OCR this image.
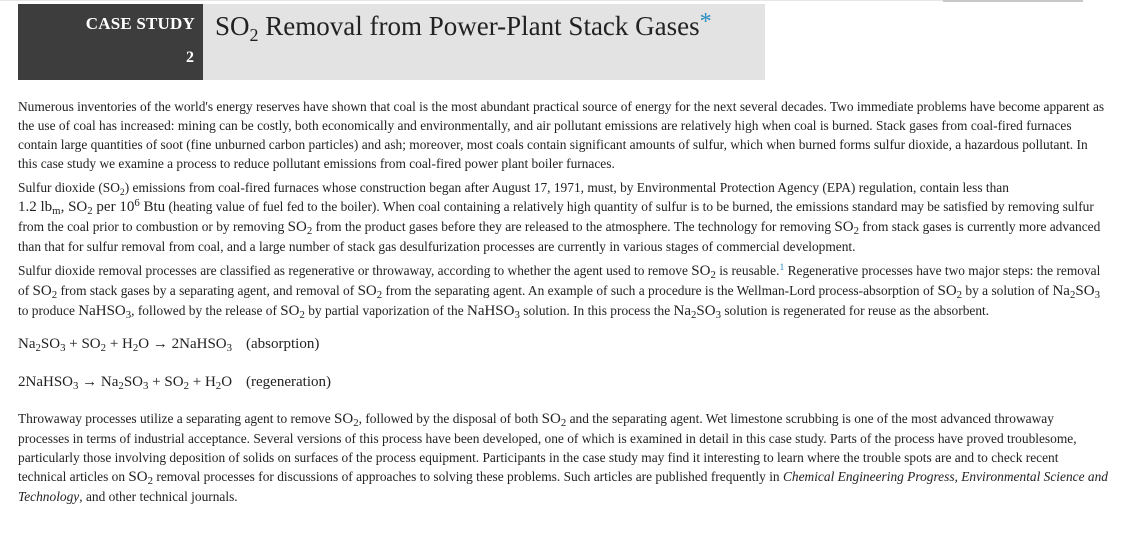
CASE STUDY
2
$SO_2$ Removal from Power-Plant Stack Gases*

Numerous inventories of the world's energy reserves have shown that coal is the most abundant practical source of energy for the next several decades. Two immediate problems have become apparent as the use of coal has increased: mining can be costly, both economically and environmentally, and air pollutant emissions are relatively high when coal is burned. Stack gases from coal-fired furnaces contain large quantities of soot (fine unburned carbon particles) and ash; moreover, most coals contain significant amounts of sulfur, which when burned forms sulfur dioxide, a hazardous pollutant. In this case study we examine a process to reduce pollutant emissions from coal-fired power plant boiler furnaces.

Sulfur dioxide $(SO_2)$ emissions from coal-fired furnaces whose construction began after August 17, 1971, must, by Environmental Protection Agency (EPA) regulation, contain less than
1.2 $lb_m$, $SO_2$ per $10^6$ Btu (heating value of fuel fed to the boiler). When coal containing a relatively high quantity of sulfur is to be burned, the emissions standard may be satisfied by removing sulfur from the coal prior to combustion or by removing $SO_2$ from the product gases before they are released to the atmosphere. The technology for removing $SO_2$ from stack gases is currently more advanced than that for sulfur removal from coal, and a large number of stack gas desulfurization processes are currently in various stages of commercial development.

Sulfur dioxide removal processes are classified as regenerative or throwaway, according to whether the agent used to remove $SO_2$ is reusable.$^1$ Regenerative processes have two major steps: the removal of $SO_2$ from stack gases by a separating agent, and removal of $SO_2$ from the separating agent. An example of such a procedure is the Wellman-Lord process-absorption of $SO_2$ by a solution of $Na_2SO_3$ to produce NaHSO$_3$, followed by the release of $SO_2$ by partial vaporization of the NaHSO$_3$ solution. In this process the $Na_2SO_3$ solution is regenerated for reuse as the absorbent.

$Na_2SO_3 + SO_2 + H_2O$ → 2NaHSO$_3$ (absorption)

2NaHSO$_3$ → $Na_2SO_3 + SO_2 + H_2O$ (regeneration)

Throwaway processes utilize a separating agent to remove $SO_2$, followed by the disposal of both $SO_2$ and the separating agent. Wet limestone scrubbing is one of the most advanced throwaway processes in terms of industrial acceptance. Several versions of this process have been developed, one of which is examined in detail in this case study. Parts of the process have proved troublesome, particularly those involving deposition of solids on surfaces of the process equipment. Participants in the case study may find it interesting to learn where the trouble spots are and to check recent technical articles on $SO_2$ removal processes for discussions of approaches to solving these problems. Such articles are published frequently in Chemical Engineering Progress, Environmental Science and Technology, and other technical journals.
